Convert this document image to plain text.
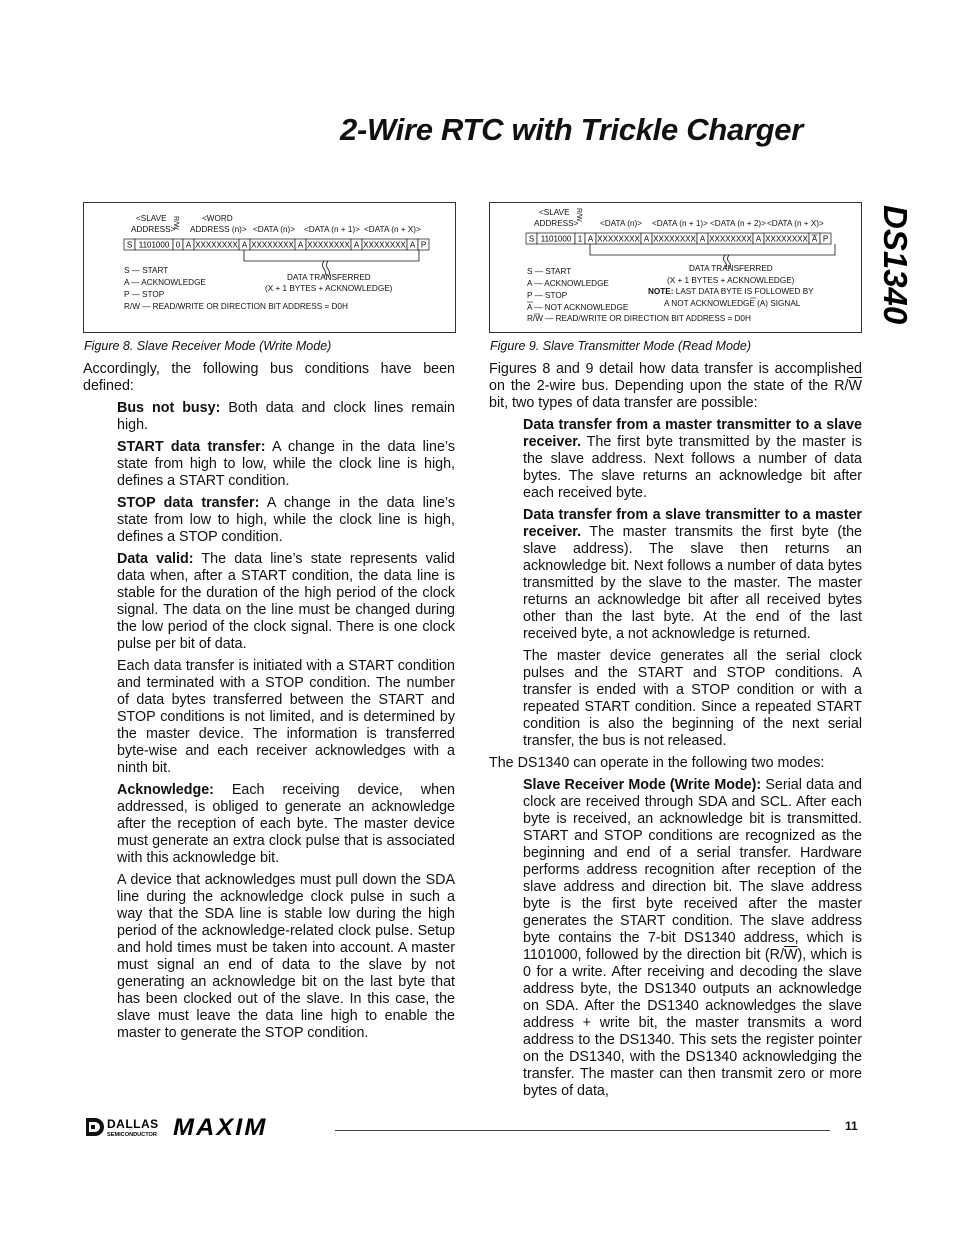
2-Wire RTC with Trickle Charger
DS1340
<SLAVE
ADDRESS>
R/W	<WORD
ADDRESS (n)> <DATA (n)> <DATA (n + 1)> <DATA (n + X)>
S 1101000 0 A XXXXXXXX A XXXXXXXX A XXXXXXXX A XXXXXXXX A P
DATA TRANSFERRED
(X + 1 BYTES + ACKNOWLEDGE)
S — START
A — ACKNOWLEDGE
P — STOP
R/W — READ/WRITE OR DIRECTION BIT ADDRESS = D0H
Figure 8. Slave Receiver Mode (Write Mode)
<SLAVE
ADDRESS>
R/W
<DATA (n)> <DATA (n + 1)> <DATA (n + 2)> <DATA (n + X)>
S 1101000 1 A XXXXXXXX A XXXXXXXX A XXXXXXXX A XXXXXXXX A P
DATA TRANSFERRED
(X + 1 BYTES + ACKNOWLEDGE)
NOTE: LAST DATA BYTE IS FOLLOWED BY
A NOT ACKNOWLEDGE (A) SIGNAL
S — START
A — ACKNOWLEDGE
P — STOP
A — NOT ACKNOWLEDGE
R/W — READ/WRITE OR DIRECTION BIT ADDRESS = D0H
Figure 9. Slave Transmitter Mode (Read Mode)

Accordingly, the following bus conditions have been defined:

Bus not busy: Both data and clock lines remain high.

START data transfer: A change in the data line’s state from high to low, while the clock line is high, defines a START condition.

STOP data transfer: A change in the data line’s state from low to high, while the clock line is high, defines a STOP condition.

Data valid: The data line’s state represents valid data when, after a START condition, the data line is stable for the duration of the high period of the clock signal. The data on the line must be changed during the low period of the clock signal. There is one clock pulse per bit of data.

Each data transfer is initiated with a START condition and terminated with a STOP condition. The number of data bytes transferred between the START and STOP conditions is not limited, and is determined by the master device. The information is transferred byte-wise and each receiver acknowledges with a ninth bit.

Acknowledge: Each receiving device, when addressed, is obliged to generate an acknowledge after the reception of each byte. The master device must generate an extra clock pulse that is associated with this acknowledge bit.

A device that acknowledges must pull down the SDA line during the acknowledge clock pulse in such a way that the SDA line is stable low during the high period of the acknowledge-related clock pulse. Setup and hold times must be taken into account. A master must signal an end of data to the slave by not generating an acknowledge bit on the last byte that has been clocked out of the slave. In this case, the slave must leave the data line high to enable the master to generate the STOP condition.

Figures 8 and 9 detail how data transfer is accomplished on the 2-wire bus. Depending upon the state of the $R/\overline{W}$ bit, two types of data transfer are possible:

Data transfer from a master transmitter to a slave receiver. The first byte transmitted by the master is the slave address. Next follows a number of data bytes. The slave returns an acknowledge bit after each received byte.

Data transfer from a slave transmitter to a master receiver. The master transmits the first byte (the slave address). The slave then returns an acknowledge bit. Next follows a number of data bytes transmitted by the slave to the master. The master returns an acknowledge bit after all received bytes other than the last byte. At the end of the last received byte, a not acknowledge is returned.

The master device generates all the serial clock pulses and the START and STOP conditions. A transfer is ended with a STOP condition or with a repeated START condition. Since a repeated START condition is also the beginning of the next serial transfer, the bus is not released.

The DS1340 can operate in the following two modes:

Slave Receiver Mode (Write Mode): Serial data and clock are received through SDA and SCL. After each byte is received, an acknowledge bit is transmitted. START and STOP conditions are recognized as the beginning and end of a serial transfer. Hardware performs address recognition after reception of the slave address and direction bit. The slave address byte is the first byte received after the master generates the START condition. The slave address byte contains the 7-bit DS1340 address, which is 1101000, followed by the direction bit $(R/\overline{W})$, which is 0 for a write. After receiving and decoding the slave address byte, the DS1340 outputs an acknowledge on SDA. After the DS1340 acknowledges the slave address + write bit, the master transmits a word address to the DS1340. This sets the register pointer on the DS1340, with the DS1340 acknowledging the transfer. The master can then transmit zero or more bytes of data,

DALLAS
SEMICONDUCTOR MAXIM	11
